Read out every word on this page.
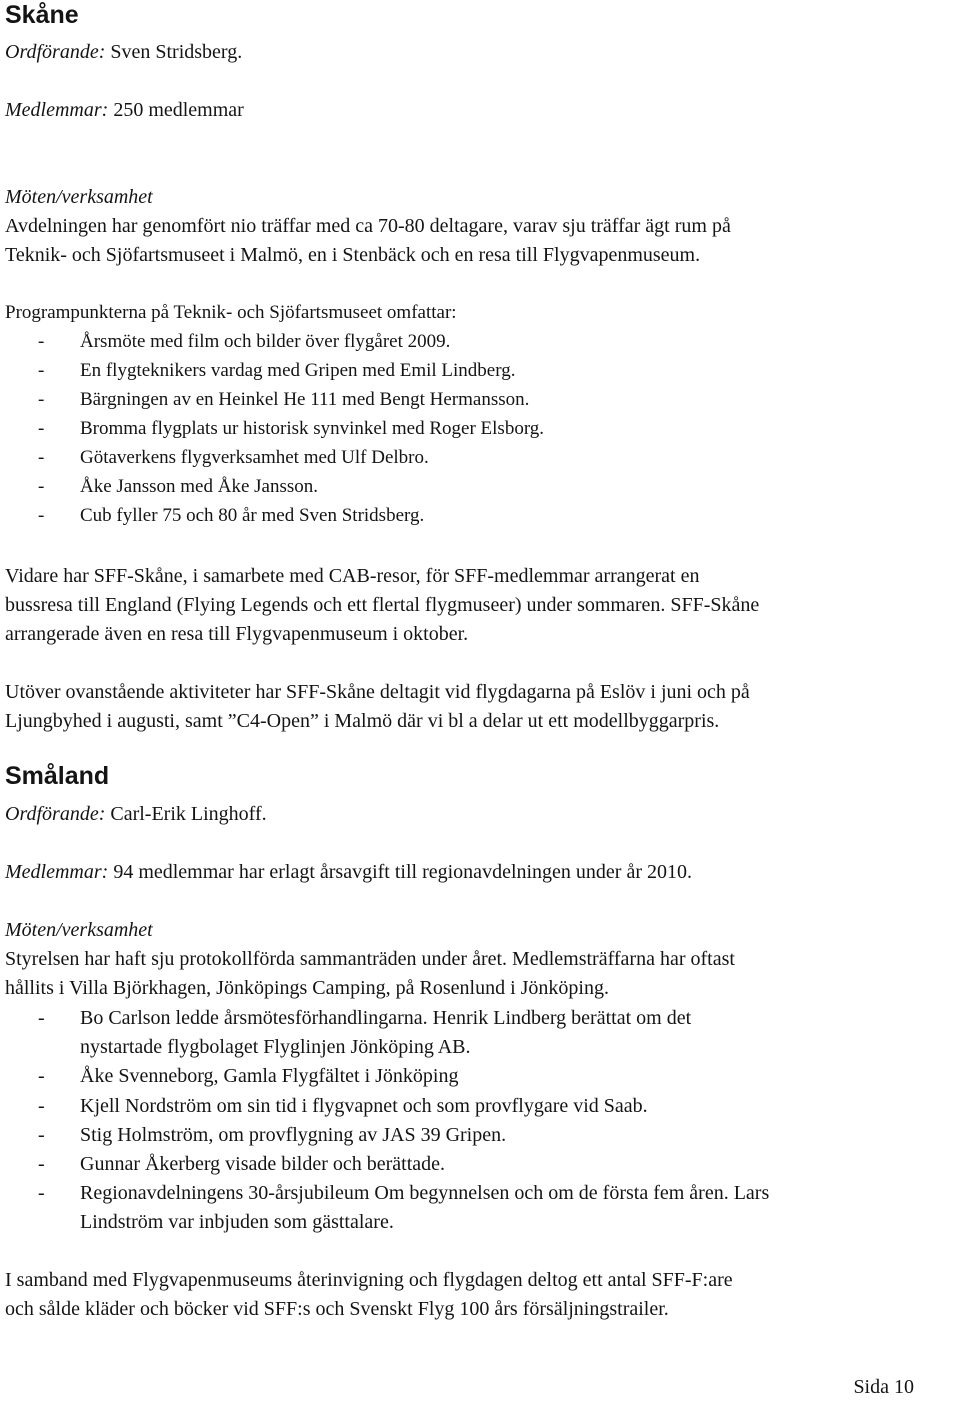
Skåne
Ordförande: Sven Stridsberg.
Medlemmar: 250 medlemmar
Möten/verksamhet
Avdelningen har genomfört nio träffar med ca 70-80 deltagare, varav sju träffar ägt rum på
Teknik- och Sjöfartsmuseet i Malmö, en i Stenbäck och en resa till Flygvapenmuseum.
Programpunkterna på Teknik- och Sjöfartsmuseet omfattar:
- Årsmöte med film och bilder över flygåret 2009.
- En flygteknikers vardag med Gripen med Emil Lindberg.
- Bärgningen av en Heinkel He 111 med Bengt Hermansson.
- Bromma flygplats ur historisk synvinkel med Roger Elsborg.
- Götaverkens flygverksamhet med Ulf Delbro.
- Åke Jansson med Åke Jansson.
- Cub fyller 75 och 80 år med Sven Stridsberg.
Vidare har SFF-Skåne, i samarbete med CAB-resor, för SFF-medlemmar arrangerat en
bussresa till England (Flying Legends och ett flertal flygmuseer) under sommaren. SFF-Skåne
arrangerade även en resa till Flygvapenmuseum i oktober.
Utöver ovanstående aktiviteter har SFF-Skåne deltagit vid flygdagarna på Eslöv i juni och på
Ljungbyhed i augusti, samt ”C4-Open” i Malmö där vi bl a delar ut ett modellbyggarpris.
Småland
Ordförande: Carl-Erik Linghoff.
Medlemmar: 94 medlemmar har erlagt årsavgift till regionavdelningen under år 2010.
Möten/verksamhet
Styrelsen har haft sju protokollförda sammanträden under året. Medlemsträffarna har oftast
hållits i Villa Björkhagen, Jönköpings Camping, på Rosenlund i Jönköping.
- Bo Carlson ledde årsmötesförhandlingarna. Henrik Lindberg berättat om det
nystartade flygbolaget Flyglinjen Jönköping AB.
- Åke Svenneborg, Gamla Flygfältet i Jönköping
- Kjell Nordström om sin tid i flygvapnet och som provflygare vid Saab.
- Stig Holmström, om provflygning av JAS 39 Gripen.
- Gunnar Åkerberg visade bilder och berättade.
- Regionavdelningens 30-årsjubileum Om begynnelsen och om de första fem åren. Lars
Lindström var inbjuden som gästtalare.
I samband med Flygvapenmuseums återinvigning och flygdagen deltog ett antal SFF-F:are
och sålde kläder och böcker vid SFF:s och Svenskt Flyg 100 års försäljningstrailer.
Sida 10
